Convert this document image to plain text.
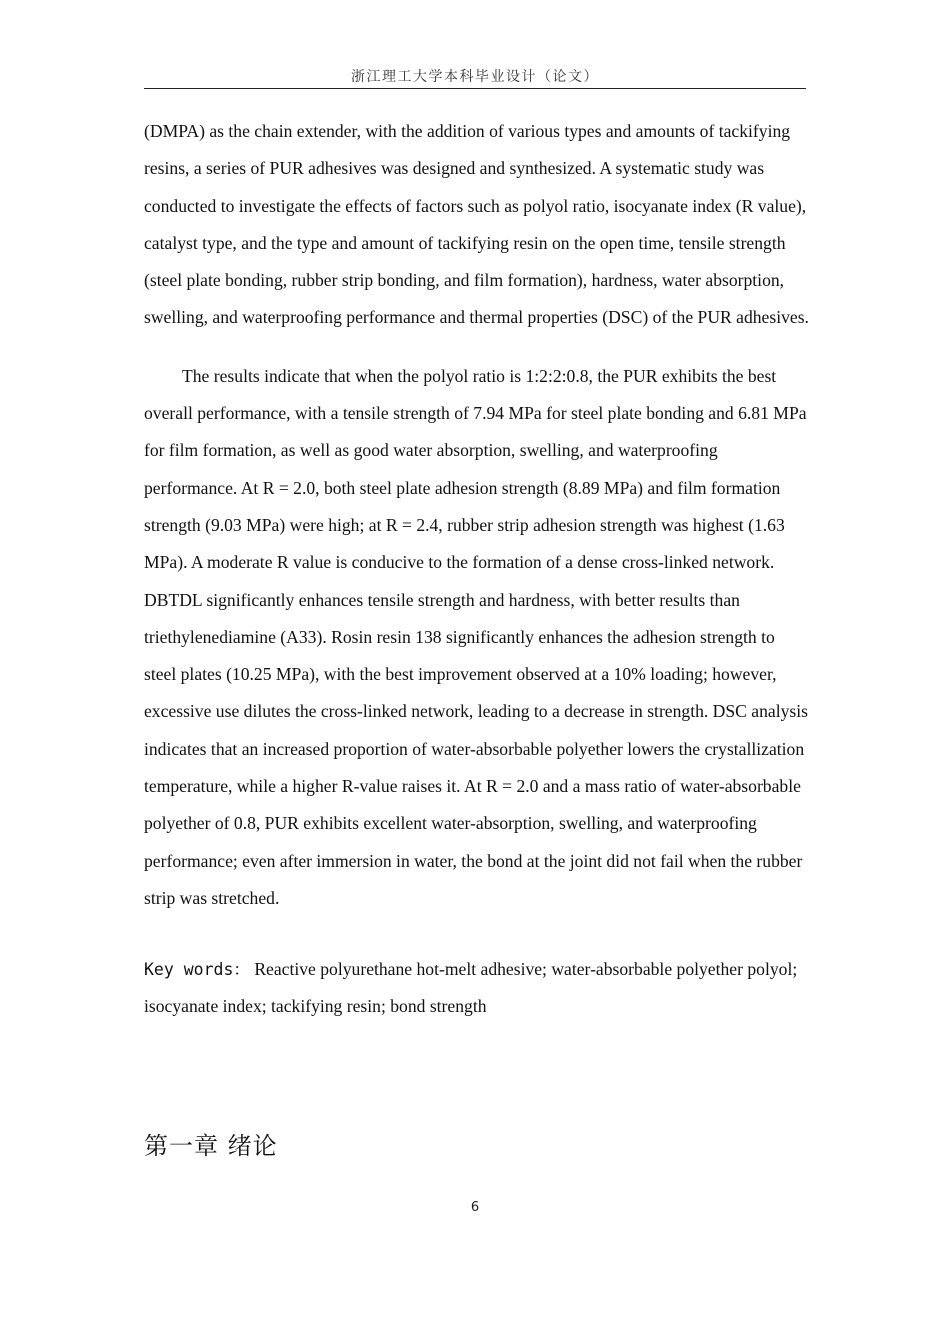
浙江理工大学本科毕业设计（论文）

(DMPA) as the chain extender, with the addition of various types and amounts of tackifying resins, a series of PUR adhesives was designed and synthesized. A systematic study was conducted to investigate the effects of factors such as polyol ratio, isocyanate index (R value), catalyst type, and the type and amount of tackifying resin on the open time, tensile strength (steel plate bonding, rubber strip bonding, and film formation), hardness, water absorption, swelling, and waterproofing performance and thermal properties (DSC) of the PUR adhesives.

The results indicate that when the polyol ratio is 1:2:2:0.8, the PUR exhibits the best overall performance, with a tensile strength of 7.94 MPa for steel plate bonding and 6.81 MPa for film formation, as well as good water absorption, swelling, and waterproofing performance. At R = 2.0, both steel plate adhesion strength (8.89 MPa) and film formation strength (9.03 MPa) were high; at R = 2.4, rubber strip adhesion strength was highest (1.63 MPa). A moderate R value is conducive to the formation of a dense cross-linked network. DBTDL significantly enhances tensile strength and hardness, with better results than triethylenediamine (A33). Rosin resin 138 significantly enhances the adhesion strength to steel plates (10.25 MPa), with the best improvement observed at a 10% loading; however, excessive use dilutes the cross-linked network, leading to a decrease in strength. DSC analysis indicates that an increased proportion of water-absorbable polyether lowers the crystallization temperature, while a higher R-value raises it. At R = 2.0 and a mass ratio of water-absorbable polyether of 0.8, PUR exhibits excellent water-absorption, swelling, and waterproofing performance; even after immersion in water, the bond at the joint did not fail when the rubber strip was stretched.

Key words： Reactive polyurethane hot-melt adhesive; water-absorbable polyether polyol; isocyanate index; tackifying resin; bond strength

第一章 绪论
6
